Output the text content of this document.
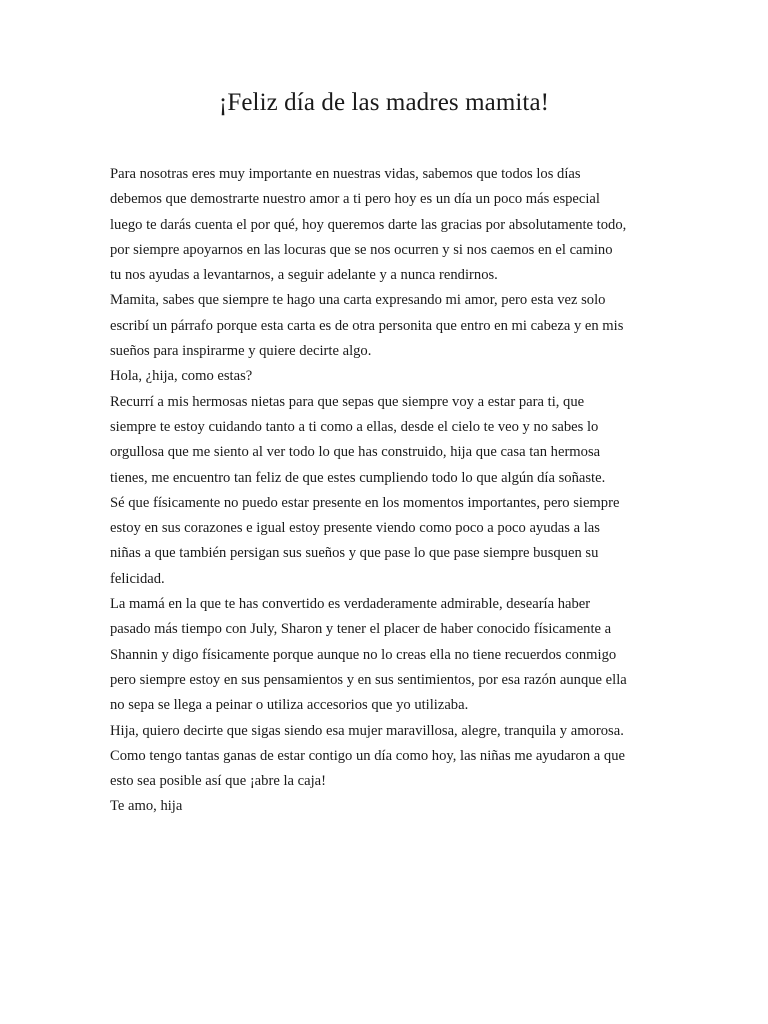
¡Feliz día de las madres mamita!
Para nosotras eres muy importante en nuestras vidas, sabemos que todos los días
debemos que demostrarte nuestro amor a ti pero hoy es un día un poco más especial
luego te darás cuenta el por qué, hoy queremos darte las gracias por absolutamente todo,
por siempre apoyarnos en las locuras que se nos ocurren y si nos caemos en el camino
tu nos ayudas a levantarnos, a seguir adelante y a nunca rendirnos.
Mamita, sabes que siempre te hago una carta expresando mi amor, pero esta vez solo
escribí un párrafo porque esta carta es de otra personita que entro en mi cabeza y en mis
sueños para inspirarme y quiere decirte algo.
Hola, ¿hija, como estas?
Recurrí a mis hermosas nietas para que sepas que siempre voy a estar para ti, que
siempre te estoy cuidando tanto a ti como a ellas, desde el cielo te veo y no sabes lo
orgullosa que me siento al ver todo lo que has construido, hija que casa tan hermosa
tienes, me encuentro tan feliz de que estes cumpliendo todo lo que algún día soñaste.
Sé que físicamente no puedo estar presente en los momentos importantes, pero siempre
estoy en sus corazones e igual estoy presente viendo como poco a poco ayudas a las
niñas a que también persigan sus sueños y que pase lo que pase siempre busquen su
felicidad.
La mamá en la que te has convertido es verdaderamente admirable, desearía haber
pasado más tiempo con July, Sharon y tener el placer de haber conocido físicamente a
Shannin y digo físicamente porque aunque no lo creas ella no tiene recuerdos conmigo
pero siempre estoy en sus pensamientos y en sus sentimientos, por esa razón aunque ella
no sepa se llega a peinar o utiliza accesorios que yo utilizaba.
Hija, quiero decirte que sigas siendo esa mujer maravillosa, alegre, tranquila y amorosa.
Como tengo tantas ganas de estar contigo un día como hoy, las niñas me ayudaron a que
esto sea posible así que ¡abre la caja!
Te amo, hija
